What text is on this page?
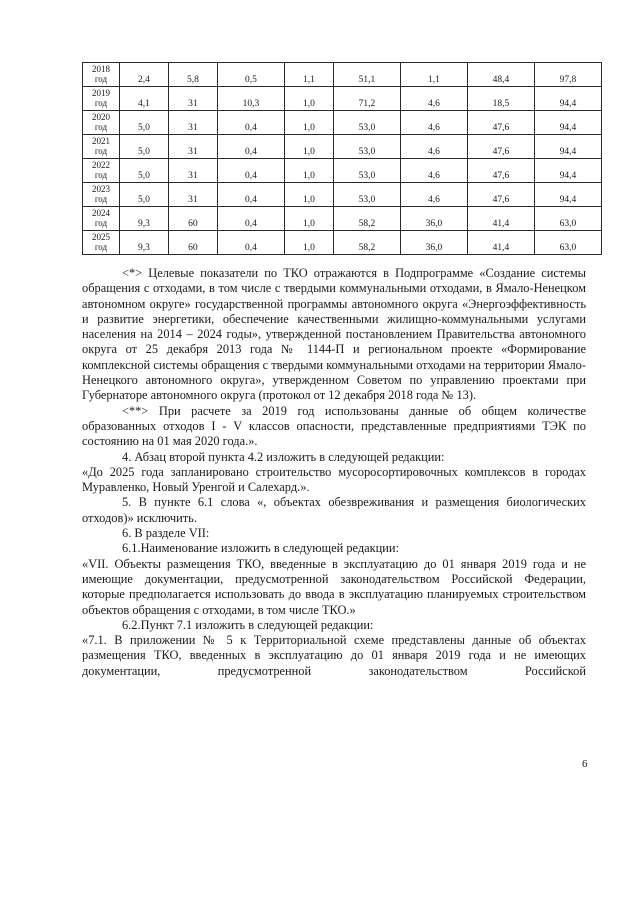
2018
год	2,4	5,8	0,5	1,1	51,1	1,1	48,4	97,8

2019
год	4,1	31	10,3	1,0	71,2	4,6	18,5	94,4

2020
год	5,0	31	0,4	1,0	53,0	4,6	47,6	94,4

2021
год	5,0	31	0,4	1,0	53,0	4,6	47,6	94,4

2022
год	5,0	31	0,4	1,0	53,0	4,6	47,6	94,4

2023
год	5,0	31	0,4	1,0	53,0	4,6	47,6	94,4

2024
год	9,3	60	0,4	1,0	58,2	36,0	41,4	63,0

2025
год	9,3	60	0,4	1,0	58,2	36,0	41,4	63,0

<*> Целевые показатели по ТКО отражаются в Подпрограмме «Создание системы обращения с отходами, в том числе с твердыми коммунальными отходами, в Ямало-Ненецком автономном округе» государственной программы автономного округа «Энергоэффективность и развитие энергетики, обеспечение качественными жилищно-коммунальными услугами населения на 2014 – 2024 годы», утвержденной постановлением Правительства автономного округа от 25 декабря 2013 года № 1144-П и региональном проекте «Формирование комплексной системы обращения с твердыми коммунальными отходами на территории Ямало-Ненецкого автономного округа», утвержденном Советом по управлению проектами при Губернаторе автономного округа (протокол от 12 декабря 2018 года № 13).

<**> При расчете за 2019 год использованы данные об общем количестве образованных отходов I - V классов опасности, представленные предприятиями ТЭК по состоянию на 01 мая 2020 года.».

4. Абзац второй пункта 4.2 изложить в следующей редакции:

«До 2025 года запланировано строительство мусоросортировочных комплексов в городах Муравленко, Новый Уренгой и Салехард.».

5. В пункте 6.1 слова «, объектах обезвреживания и размещения биологических отходов)» исключить.

6. В разделе VII:

6.1.Наименование изложить в следующей редакции:

«VII. Объекты размещения ТКО, введенные в эксплуатацию до 01 января 2019 года и не имеющие документации, предусмотренной законодательством Российской Федерации, которые предполагается использовать до ввода в эксплуатацию планируемых строительством объектов обращения с отходами, в том числе ТКО.»

6.2.Пункт 7.1 изложить в следующей редакции:

«7.1. В приложении № 5 к Территориальной схеме представлены данные об объектах размещения ТКО, введенных в эксплуатацию до 01 января 2019 года и не имеющих документации, предусмотренной законодательством Российской

6
